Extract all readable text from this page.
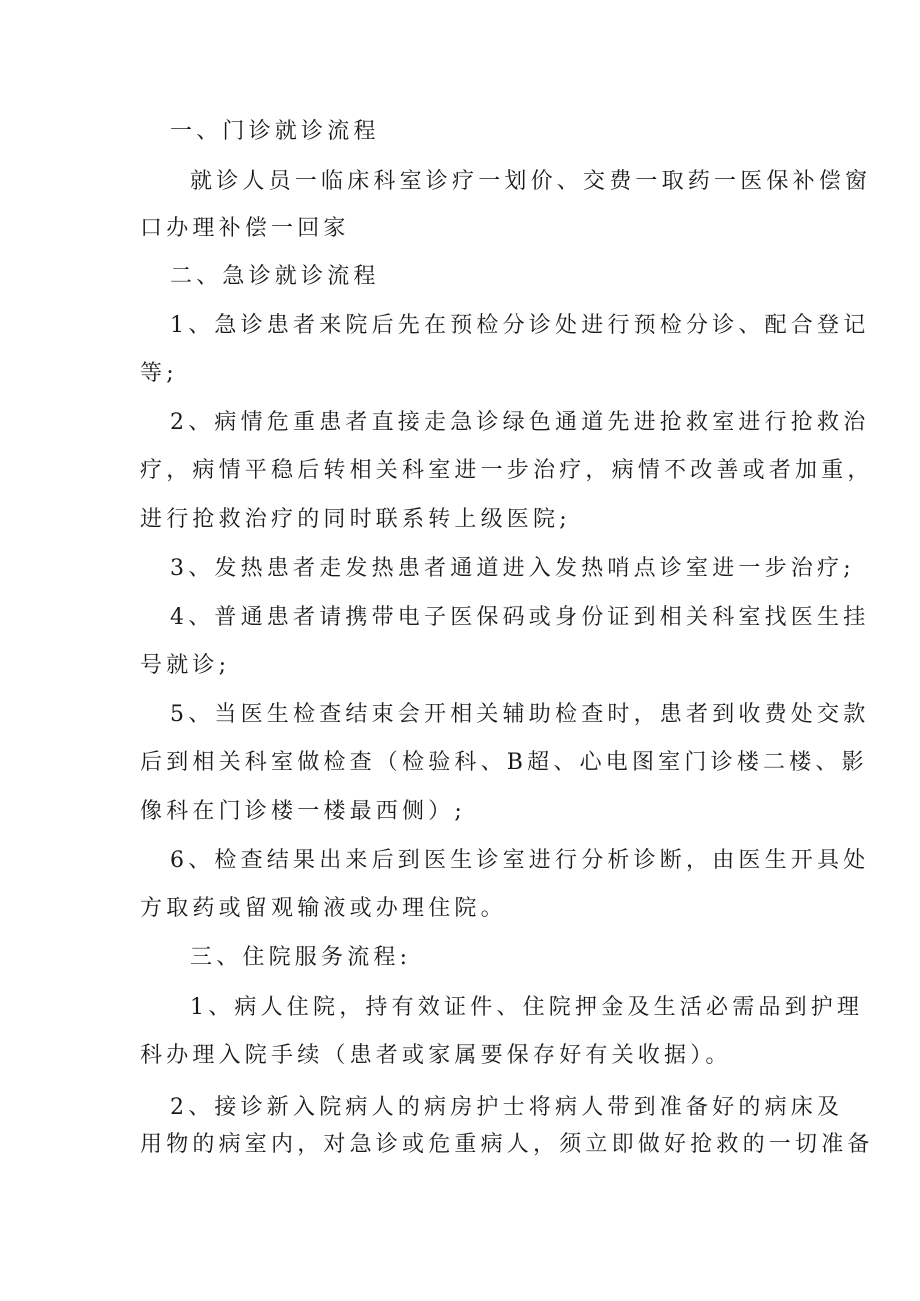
一、门诊就诊流程
就诊人员一临床科室诊疗一划价、交费一取药一医保补偿窗
口办理补偿一回家
二、急诊就诊流程
1、急诊患者来院后先在预检分诊处进行预检分诊、配合登记
等;
2、病情危重患者直接走急诊绿色通道先进抢救室进行抢救治
疗，病情平稳后转相关科室进一步治疗，病情不改善或者加重，
进行抢救治疗的同时联系转上级医院;
3、发热患者走发热患者通道进入发热哨点诊室进一步治疗;
4、普通患者请携带电子医保码或身份证到相关科室找医生挂
号就诊;
5、当医生检查结束会开相关辅助检查时，患者到收费处交款
后到相关科室做检查（检验科、B超、心电图室门诊楼二楼、影
像科在门诊楼一楼最西侧）;
6、检查结果出来后到医生诊室进行分析诊断，由医生开具处
方取药或留观输液或办理住院。
三、住院服务流程:
1、病人住院，持有效证件、住院押金及生活必需品到护理
科办理入院手续（患者或家属要保存好有关收据）。
2、接诊新入院病人的病房护士将病人带到准备好的病床及
用物的病室内，对急诊或危重病人，须立即做好抢救的一切准备
